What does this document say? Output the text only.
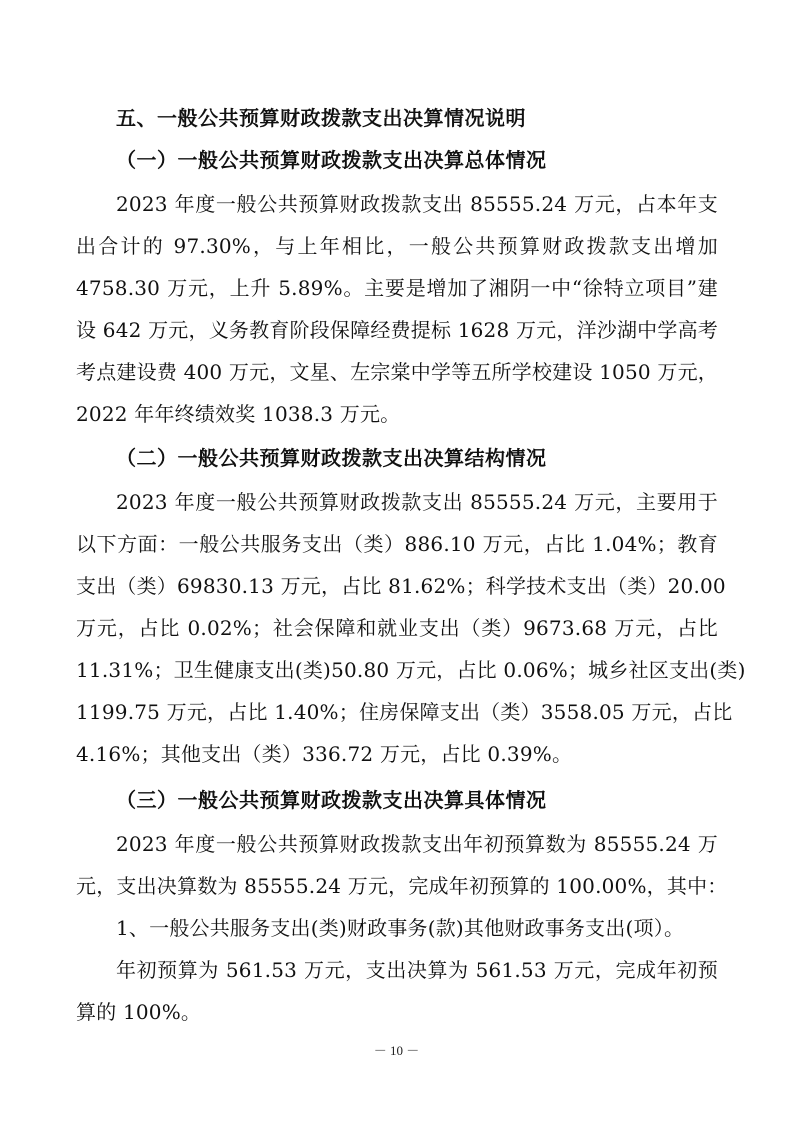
五、一般公共预算财政拨款支出决算情况说明
（一）一般公共预算财政拨款支出决算总体情况
2023 年度一般公共预算财政拨款支出 85555.24 万元，占本年支
出合计的 97.30%，与上年相比，一般公共预算财政拨款支出增加
4758.30 万元，上升 5.89%。主要是增加了湘阴一中“徐特立项目”建
设 642 万元，义务教育阶段保障经费提标 1628 万元，洋沙湖中学高考
考点建设费 400 万元，文星、左宗棠中学等五所学校建设 1050 万元，
2022 年年终绩效奖 1038.3 万元。
（二）一般公共预算财政拨款支出决算结构情况
2023 年度一般公共预算财政拨款支出 85555.24 万元，主要用于
以下方面：一般公共服务支出（类）886.10 万元，占比 1.04%；教育
支出（类）69830.13 万元，占比 81.62%；科学技术支出（类）20.00
万元，占比 0.02%；社会保障和就业支出（类）9673.68 万元，占比
11.31%；卫生健康支出(类)50.80 万元，占比 0.06%；城乡社区支出(类)
1199.75 万元，占比 1.40%；住房保障支出（类）3558.05 万元，占比
4.16%；其他支出（类）336.72 万元，占比 0.39%。
（三）一般公共预算财政拨款支出决算具体情况
2023 年度一般公共预算财政拨款支出年初预算数为 85555.24 万
元，支出决算数为 85555.24 万元，完成年初预算的 100.00%，其中：
1、一般公共服务支出(类)财政事务(款)其他财政事务支出(项）。
年初预算为 561.53 万元，支出决算为 561.53 万元，完成年初预
算的 100%。
－ 10 －
